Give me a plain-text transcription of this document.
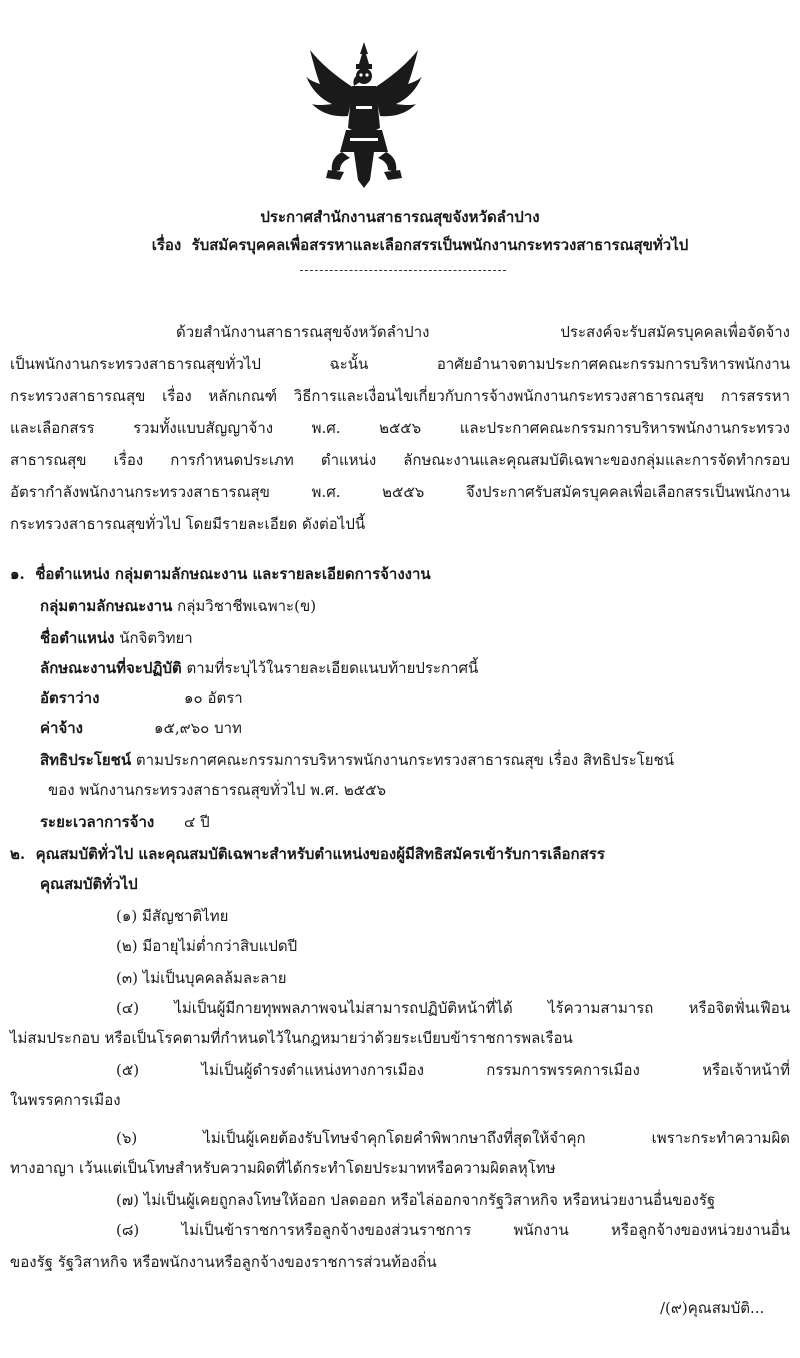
ประกาศสำนักงานสาธารณสุขจังหวัดลำปาง
เรื่อง รับสมัครบุคคลเพื่อสรรหาและเลือกสรรเป็นพนักงานกระทรวงสาธารณสุขทั่วไป
ด้วยสำนักงานสาธารณสุขจังหวัดลำปาง ประสงค์จะรับสมัครบุคคลเพื่อจัดจ้าง
เป็นพนักงานกระทรวงสาธารณสุขทั่วไป ฉะนั้น อาศัยอำนาจตามประกาศคณะกรรมการบริหารพนักงาน
กระทรวงสาธารณสุข เรื่อง หลักเกณฑ์ วิธีการและเงื่อนไขเกี่ยวกับการจ้างพนักงานกระทรวงสาธารณสุข การสรรหา
และเลือกสรร รวมทั้งแบบสัญญาจ้าง พ.ศ. ๒๕๕๖ และประกาศคณะกรรมการบริหารพนักงานกระทรวง
สาธารณสุข เรื่อง การกำหนดประเภท ตำแหน่ง ลักษณะงานและคุณสมบัติเฉพาะของกลุ่มและการจัดทำกรอบ
อัตรากำลังพนักงานกระทรวงสาธารณสุข พ.ศ. ๒๕๕๖ จึงประกาศรับสมัครบุคคลเพื่อเลือกสรรเป็นพนักงาน
กระทรวงสาธารณสุขทั่วไป โดยมีรายละเอียด ดังต่อไปนี้
๑. ชื่อตำแหน่ง กลุ่มตามลักษณะงาน และรายละเอียดการจ้างงาน
กลุ่มตามลักษณะงาน กลุ่มวิชาชีพเฉพาะ(ข)
ชื่อตำแหน่ง นักจิตวิทยา
ลักษณะงานที่จะปฏิบัติ ตามที่ระบุไว้ในรายละเอียดแนบท้ายประกาศนี้
อัตราว่าง	๑๐ อัตรา
ค่าจ้าง	๑๕,๙๖๐ บาท
สิทธิประโยชน์ ตามประกาศคณะกรรมการบริหารพนักงานกระทรวงสาธารณสุข เรื่อง สิทธิประโยชน์
ของ พนักงานกระทรวงสาธารณสุขทั่วไป พ.ศ. ๒๕๕๖
ระยะเวลาการจ้าง ๔ ปี
๒. คุณสมบัติทั่วไป และคุณสมบัติเฉพาะสำหรับตำแหน่งของผู้มีสิทธิสมัครเข้ารับการเลือกสรร
คุณสมบัติทั่วไป
(๑) มีสัญชาติไทย
(๒) มีอายุไม่ต่ำกว่าสิบแปดปี
(๓) ไม่เป็นบุคคลล้มละลาย
(๔) ไม่เป็นผู้มีกายทุพพลภาพจนไม่สามารถปฏิบัติหน้าที่ได้ ไร้ความสามารถ หรือจิตฟั่นเฟือน
ไม่สมประกอบ หรือเป็นโรคตามที่กำหนดไว้ในกฎหมายว่าด้วยระเบียบข้าราชการพลเรือน
(๕) ไม่เป็นผู้ดำรงตำแหน่งทางการเมือง กรรมการพรรคการเมือง หรือเจ้าหน้าที่
ในพรรคการเมือง
(๖) ไม่เป็นผู้เคยต้องรับโทษจำคุกโดยคำพิพากษาถึงที่สุดให้จำคุก เพราะกระทำความผิด
ทางอาญา เว้นแต่เป็นโทษสำหรับความผิดที่ได้กระทำโดยประมาทหรือความผิดลหุโทษ
(๗) ไม่เป็นผู้เคยถูกลงโทษให้ออก ปลดออก หรือไล่ออกจากรัฐวิสาหกิจ หรือหน่วยงานอื่นของรัฐ
(๘) ไม่เป็นข้าราชการหรือลูกจ้างของส่วนราชการ พนักงาน หรือลูกจ้างของหน่วยงานอื่น
ของรัฐ รัฐวิสาหกิจ หรือพนักงานหรือลูกจ้างของราชการส่วนท้องถิ่น
/(๙)คุณสมบัติ...
